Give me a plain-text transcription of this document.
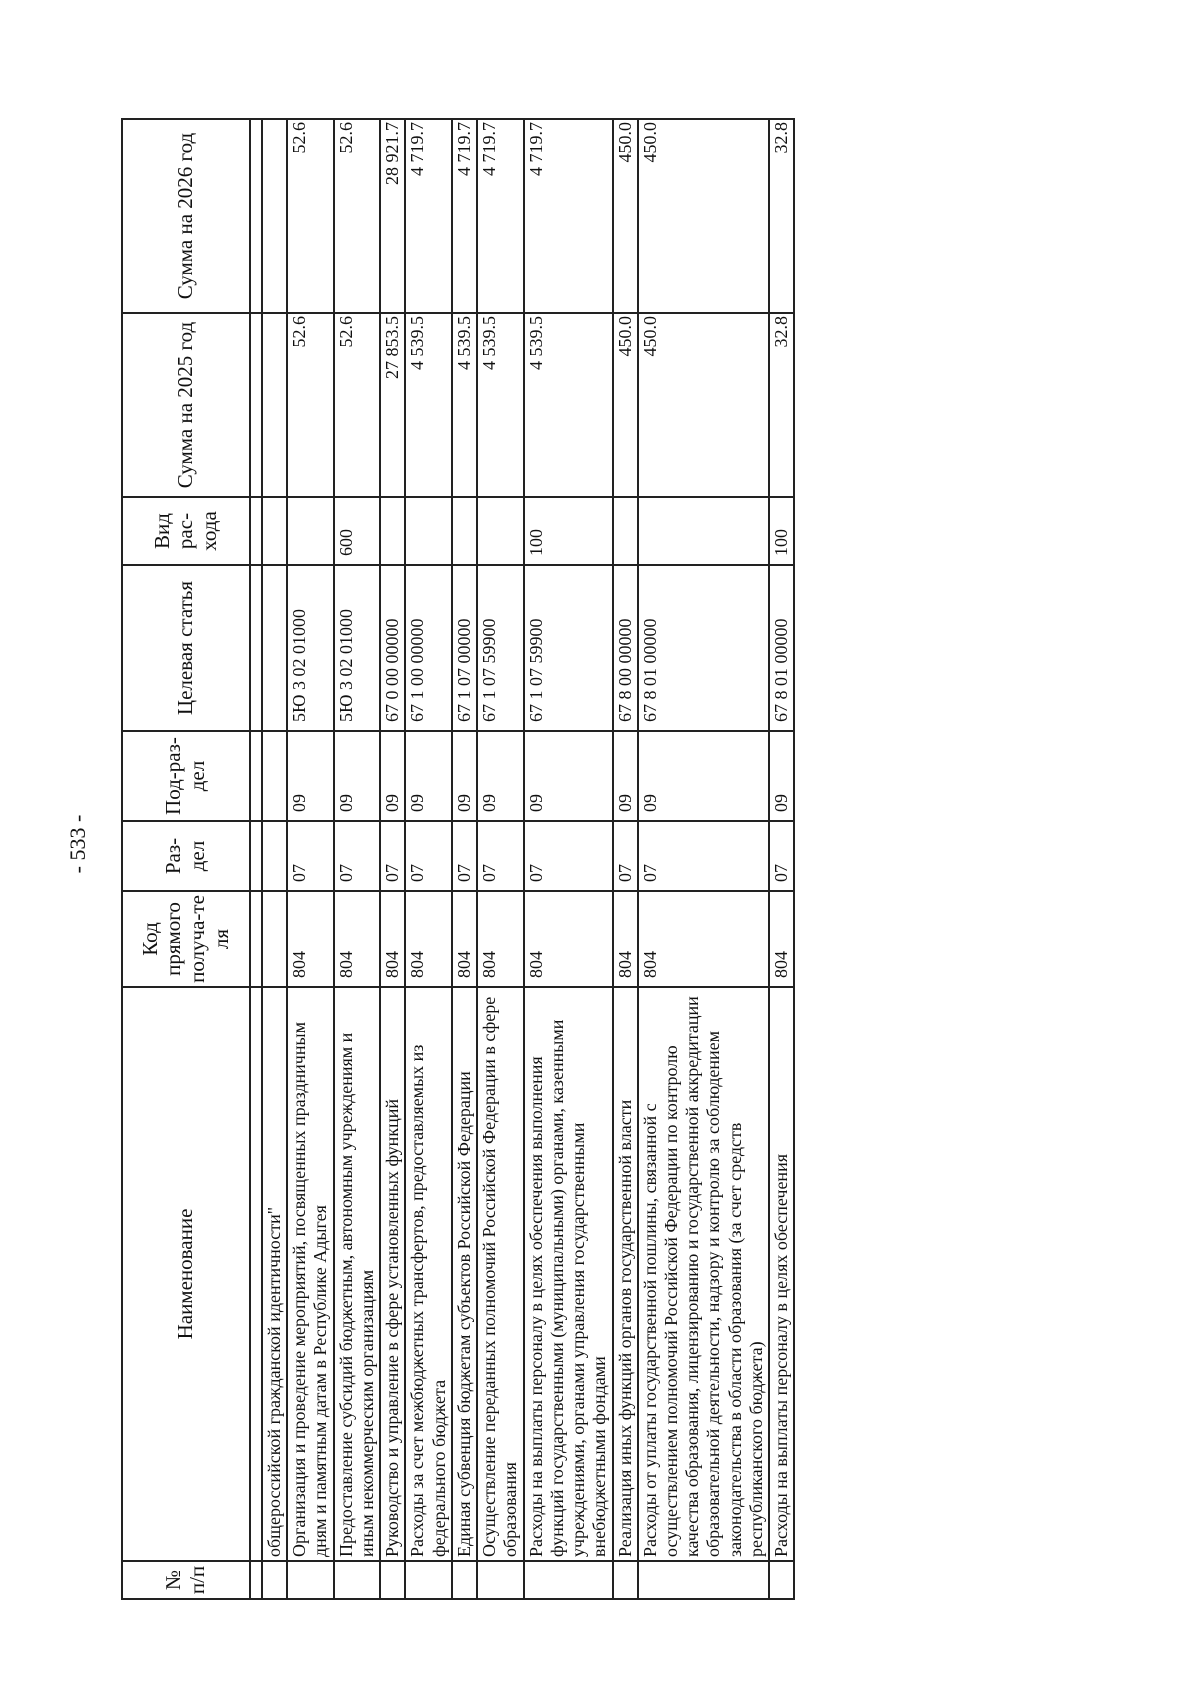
- 533 -
№ п/п	Наименование	Код прямого получа-те ля	Раз-дел	Под-раз-дел	Целевая статья	Вид рас-хода	Сумма на 2025 год	Сумма на 2026 год

	общероссийской гражданской идентичности"							
	Организация и проведение мероприятий, посвященных праздничным дням и памятным датам в Республике Адыгея	804	07	09	5Ю 3 02 01000		52.6	52.6
	Предоставление субсидий бюджетным, автономным учреждениям и иным некоммерческим организациям	804	07	09	5Ю 3 02 01000	600	52.6	52.6
	Руководство и управление в сфере установленных функций	804	07	09	67 0 00 00000		27 853.5	28 921.7
	Расходы за счет межбюджетных трансфертов, предоставляемых из федерального бюджета	804	07	09	67 1 00 00000		4 539.5	4 719.7
	Единая субвенция бюджетам субъектов Российской Федерации	804	07	09	67 1 07 00000		4 539.5	4 719.7
	Осуществление переданных полномочий Российской Федерации в сфере образования	804	07	09	67 1 07 59900		4 539.5	4 719.7
	Расходы на выплаты персоналу в целях обеспечения выполнения функций государственными (муниципальными) органами, казенными учреждениями, органами управления государственными внебюджетными фондами	804	07	09	67 1 07 59900	100	4 539.5	4 719.7
	Реализация иных функций органов государственной власти	804	07	09	67 8 00 00000		450.0	450.0
	Расходы от уплаты государственной пошлины, связанной с осуществлением полномочий Российской Федерации по контролю качества образования, лицензированию и государственной аккредитации образовательной деятельности, надзору и контролю за соблюдением законодательства в области образования (за счет средств республиканского бюджета)	804	07	09	67 8 01 00000		450.0	450.0
	Расходы на выплаты персоналу в целях обеспечения	804	07	09	67 8 01 00000	100	32.8	32.8
